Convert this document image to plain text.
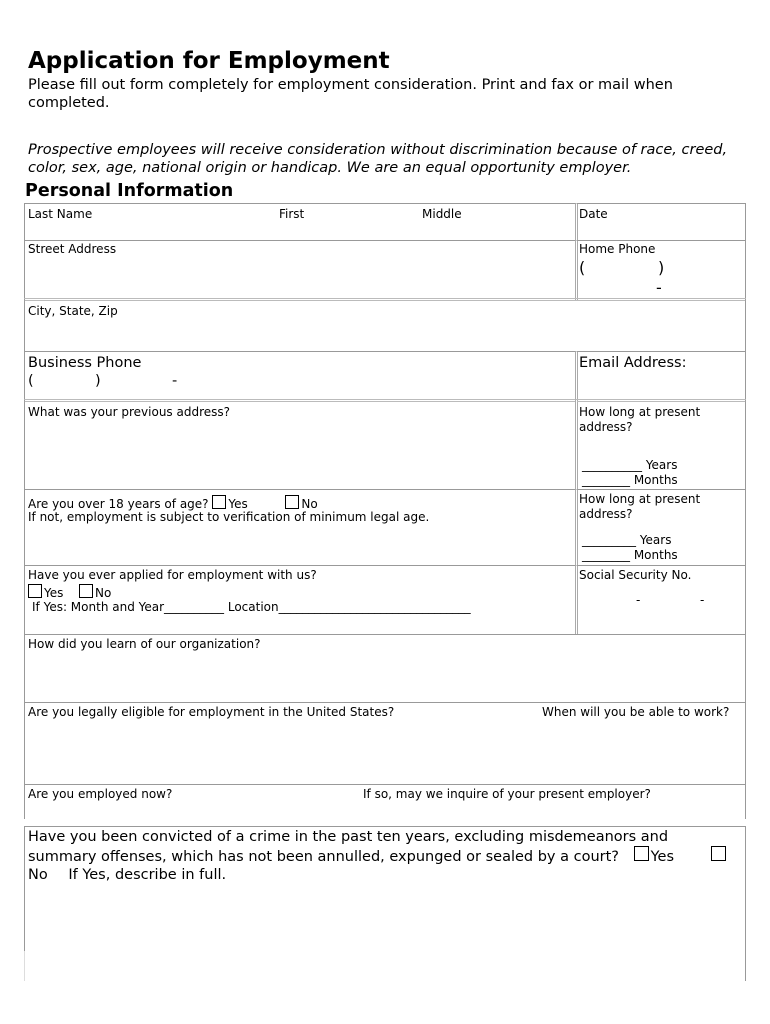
Application for Employment
Please fill out form completely for employment consideration. Print and fax or mail when completed.
Prospective employees will receive consideration without discrimination because of race, creed, color, sex, age, national origin or handicap. We are an equal opportunity employer.
Personal Information
Last Name	First	Middle	Date
Street Address	Home Phone
(	)
-
City, State, Zip
Business Phone
(	)	-
Email Address:
What was your previous address?	How long at present address?
__________ Years
________ Months
Are you over 18 years of age? Yes	No
If not, employment is subject to verification of minimum legal age.
How long at present address?
_________ Years
________ Months
Have you ever applied for employment with us?
Yes	No
If Yes: Month and Year__________ Location________________________________
Social Security No.
-	-
How did you learn of our organization?
Are you legally eligible for employment in the United States?	When will you be able to work?
Are you employed now?	If so, may we inquire of your present employer?
Have you been convicted of a crime in the past ten years, excluding misdemeanors and summary offenses, which has not been annulled, expunged or sealed by a court? Yes No If Yes, describe in full.
